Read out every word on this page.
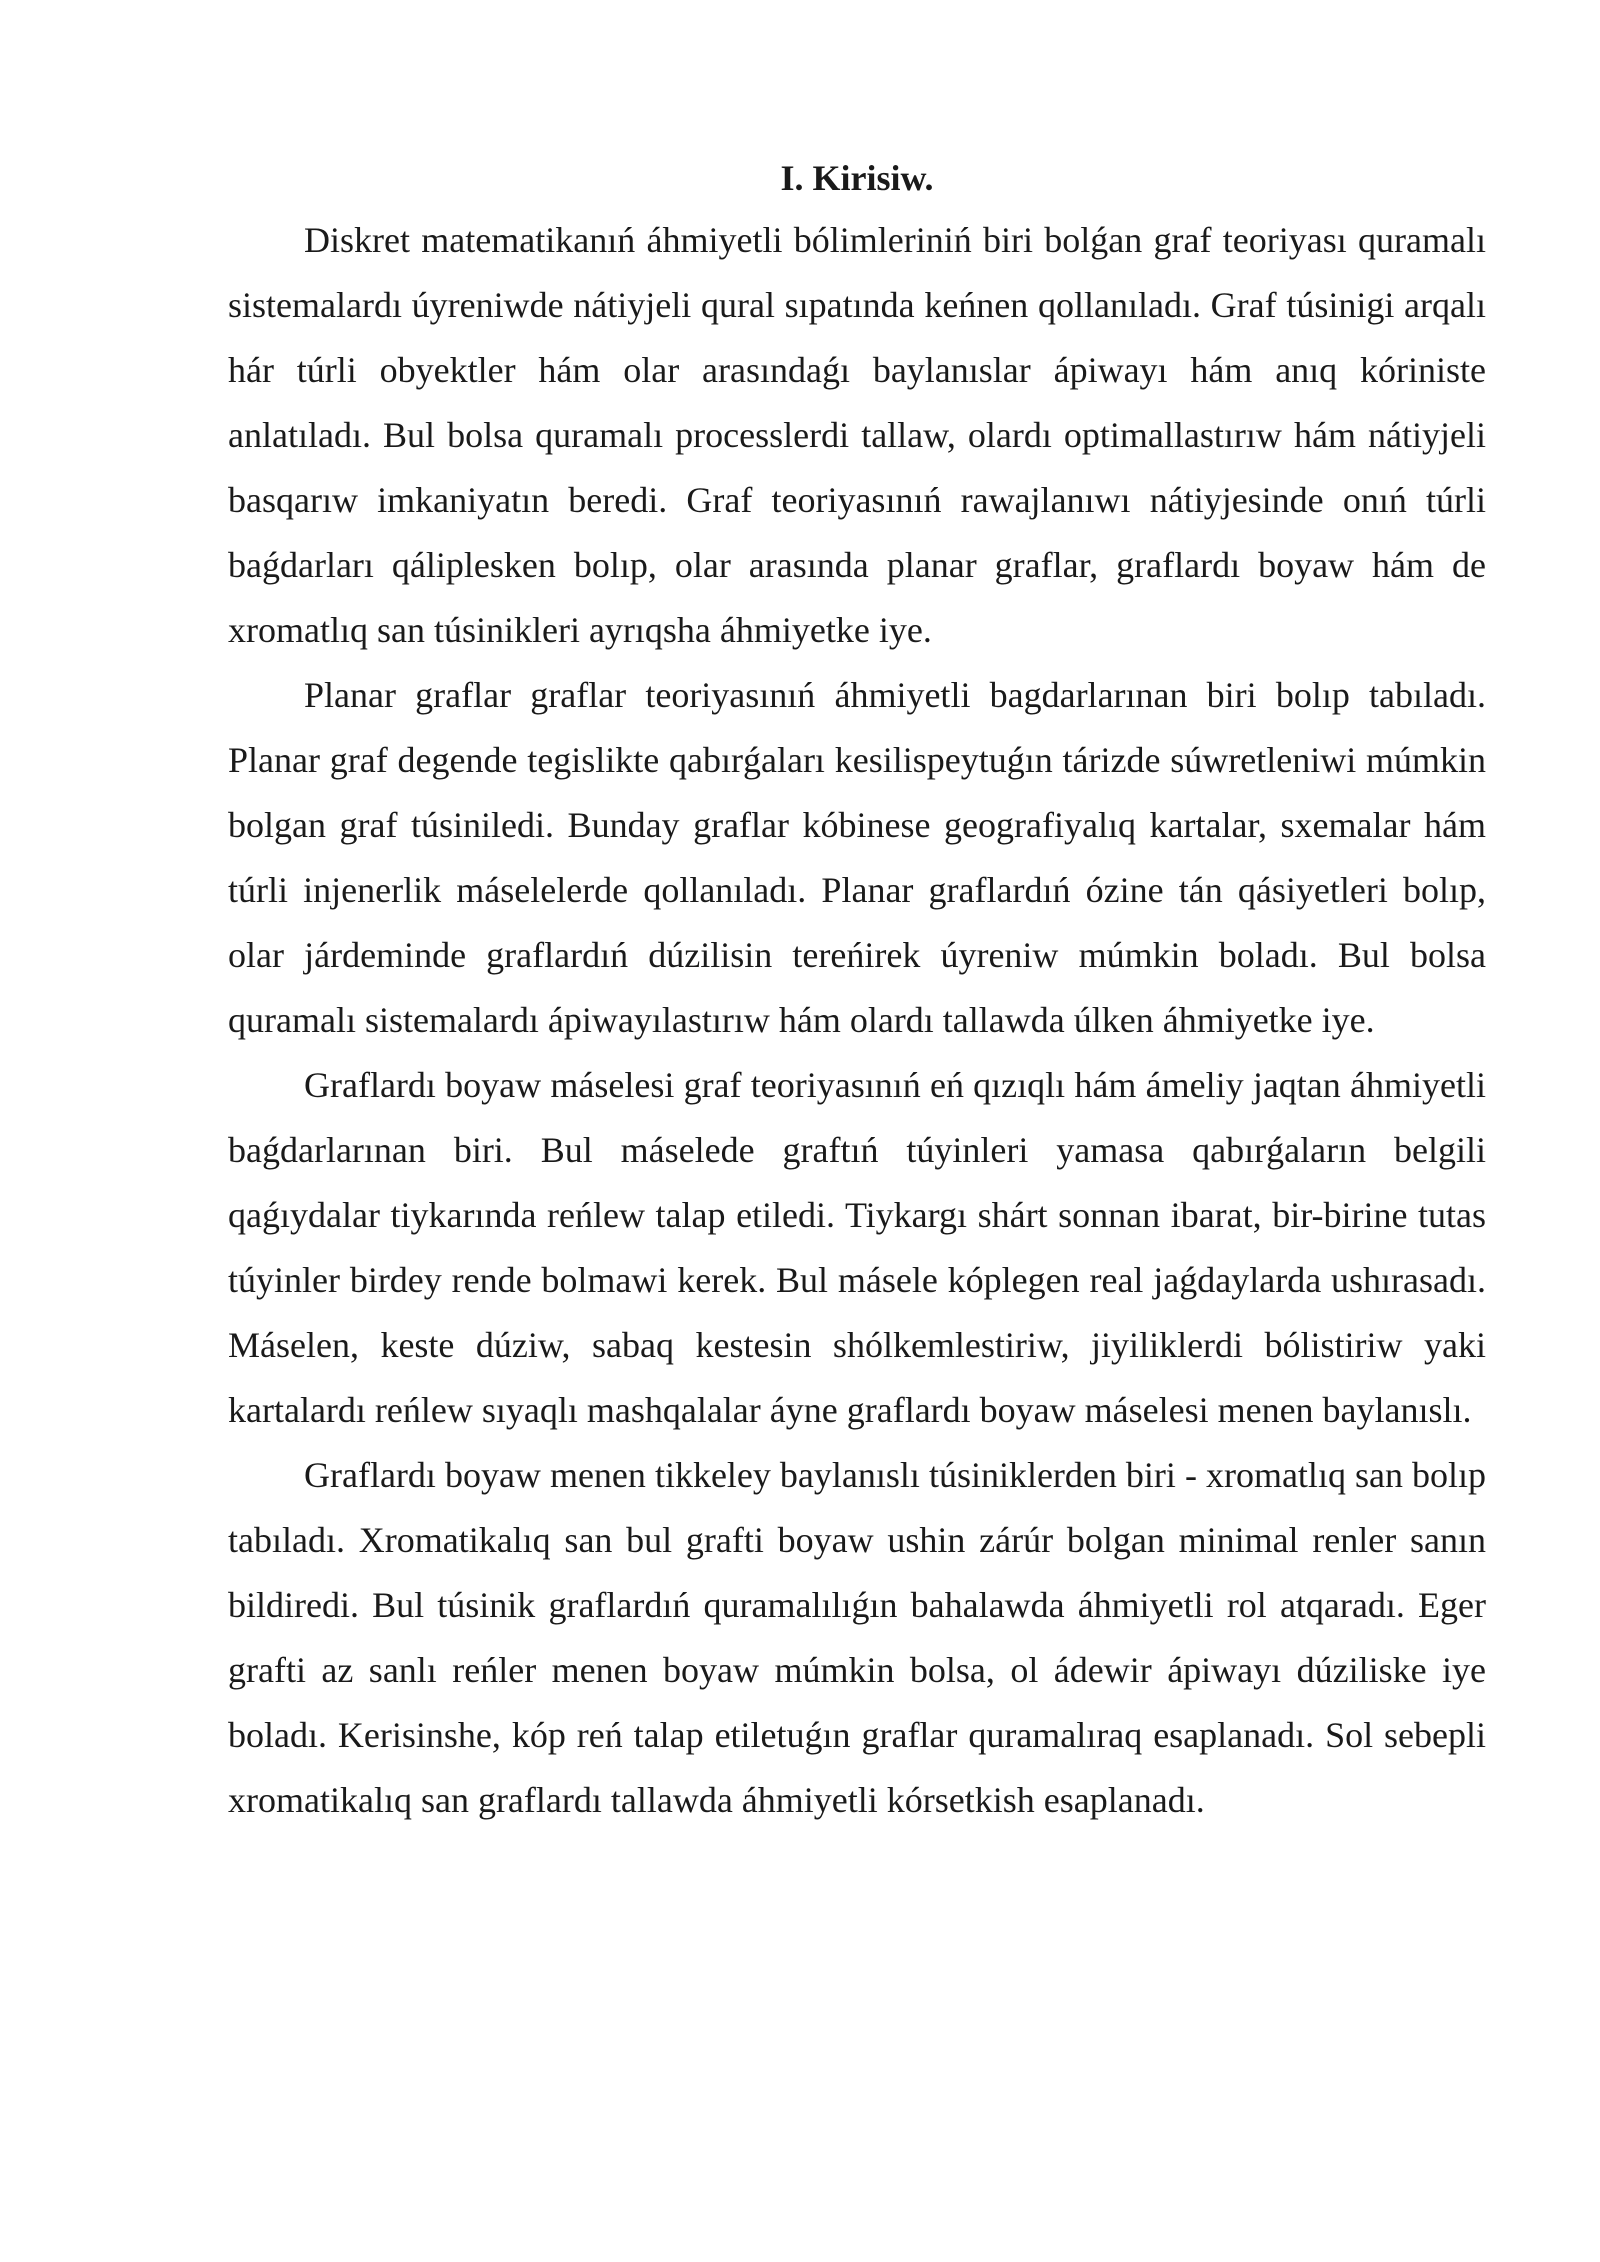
I. Kirisiw.

Diskret matematikanıń áhmiyetli bólimleriniń biri bolǵan graf teoriyası quramalı sistemalardı úyreniwde nátiyjeli qural sıpatında keńnen qollanıladı. Graf túsinigi arqalı hár túrli obyektler hám olar arasındaǵı baylanıslar ápiwayı hám anıq kóriniste anlatıladı. Bul bolsa quramalı processlerdi tallaw, olardı optimallastırıw hám nátiyjeli basqarıw imkaniyatın beredi. Graf teoriyasınıń rawajlanıwı nátiyjesinde onıń túrli baǵdarları qáliplesken bolıp, olar arasında planar graflar, graflardı boyaw hám de xromatlıq san túsinikleri ayrıqsha áhmiyetke iye.

Planar graflar graflar teoriyasınıń áhmiyetli bagdarlarınan biri bolıp tabıladı. Planar graf degende tegislikte qabırǵaları kesilispeytuǵın tárizde súwretleniwi múmkin bolgan graf túsiniledi. Bunday graflar kóbinese geografiyalıq kartalar, sxemalar hám túrli injenerlik máselelerde qollanıladı. Planar graflardıń ózine tán qásiyetleri bolıp, olar járdeminde graflardıń dúzilisin tereńirek úyreniw múmkin boladı. Bul bolsa quramalı sistemalardı ápiwayılastırıw hám olardı tallawda úlken áhmiyetke iye.

Graflardı boyaw máselesi graf teoriyasınıń eń qızıqlı hám ámeliy jaqtan áhmiyetli baǵdarlarınan biri. Bul máselede graftıń túyinleri yamasa qabırǵaların belgili qaǵıydalar tiykarında reńlew talap etiledi. Tiykargı shárt sonnan ibarat, bir-birine tutas túyinler birdey rende bolmawi kerek. Bul másele kóplegen real jaǵdaylarda ushırasadı. Máselen, keste dúziw, sabaq kestesin shólkemlestiriw, jiyiliklerdi bólistiriw yaki kartalardı reńlew sıyaqlı mashqalalar áyne graflardı boyaw máselesi menen baylanıslı.

Graflardı boyaw menen tikkeley baylanıslı túsiniklerden biri - xromatlıq san bolıp tabıladı. Xromatikalıq san bul grafti boyaw ushin zárúr bolgan minimal renler sanın bildiredi. Bul túsinik graflardıń quramalılıǵın bahalawda áhmiyetli rol atqaradı. Eger grafti az sanlı reńler menen boyaw múmkin bolsa, ol ádewir ápiwayı dúziliske iye boladı. Kerisinshe, kóp reń talap etiletuǵın graflar quramalıraq esaplanadı. Sol sebepli xromatikalıq san graflardı tallawda áhmiyetli kórsetkish esaplanadı.
